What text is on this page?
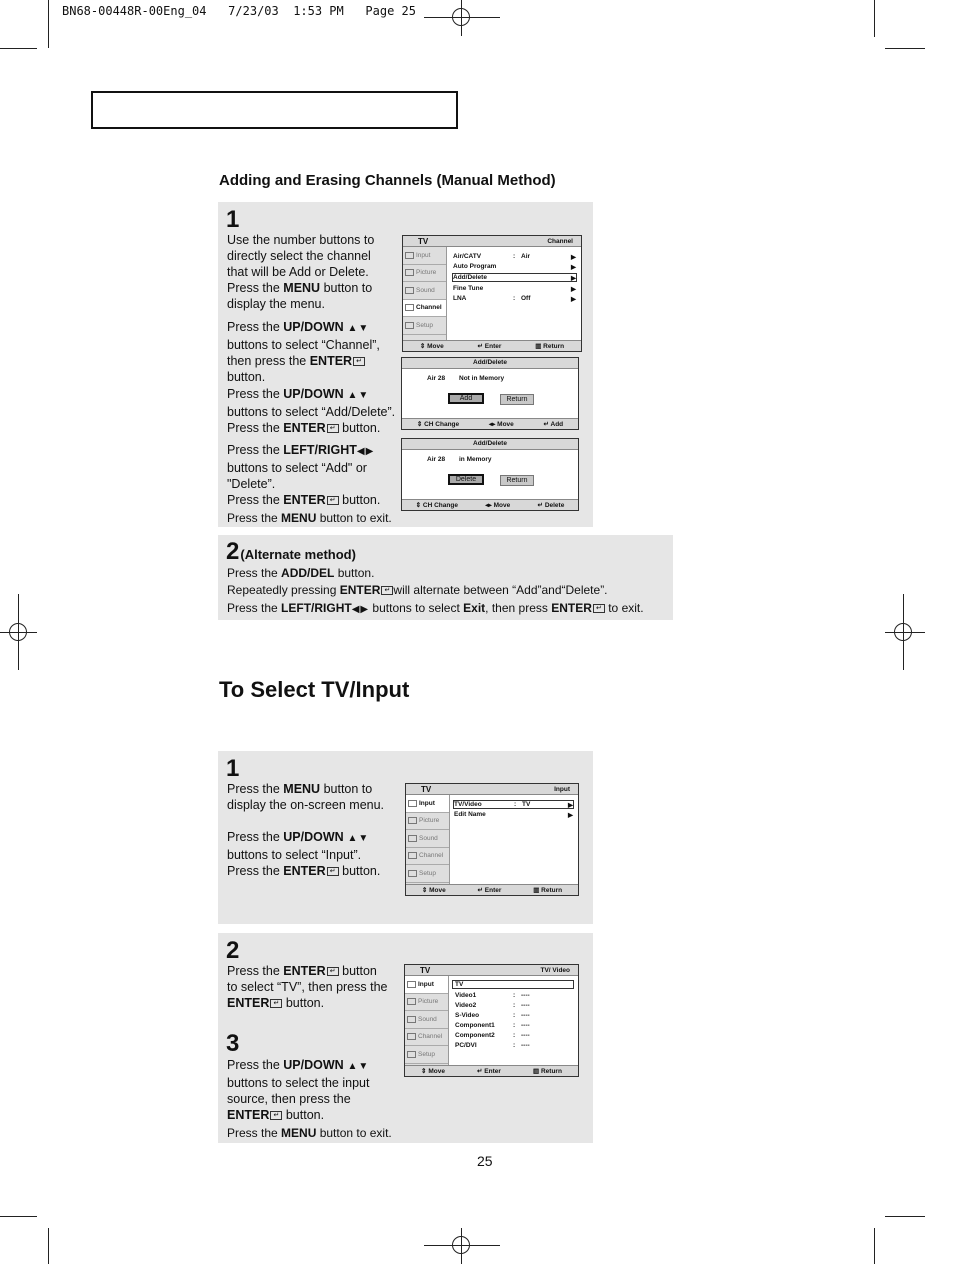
BN68-00448R-00Eng_04   7/23/03  1:53 PM   Page 25
Adding and Erasing Channels (Manual Method)
1
Use the number buttons to
directly select the channel
that will be Add or Delete.
Press the MENU button to
display the menu.
Press the UP/DOWN ▲▼
buttons to select “Channel”,
then press the ENTER ↵
button.
Press the UP/DOWN ▲▼
buttons to select “Add/Delete”.
Press the ENTER ↵ button.
Press the LEFT/RIGHT◀▶
buttons to select “Add" or
"Delete”.
Press the ENTER ↵ button.
Press the MENU button to exit.
TV	Channel
Input
Picture
Sound
Channel
Setup
Air/CATV	: Air	▶
Auto Program	▶
Add/Delete	▶
Fine Tune	▶
LNA	: Off	▶
⇕ Move	↵ Enter	▥ Return
Add/Delete
Air 28 Not in Memory
Add	Return
⇕ CH Change	◂▸ Move	↵ Add
Add/Delete
Air 28 in Memory
Delete	Return
⇕ CH Change	◂▸ Move	↵ Delete
2 (Alternate method)
Press the ADD/DEL button.
Repeatedly pressing ENTER ↵ will alternate between “Add”and“Delete”.
Press the LEFT/RIGHT◀▶ buttons to select Exit, then press ENTER ↵ to exit.
To Select TV/Input
1
Press the MENU button to
display the on-screen menu.
Press the UP/DOWN ▲▼
buttons to select “Input”.
Press the ENTER ↵ button.
TV	Input
Input
Picture
Sound
Channel
Setup
TV/Video	: TV	▶
Edit Name	▶
⇕ Move	↵ Enter	▥ Return
2
Press the ENTER ↵ button
to select “TV”, then press the
ENTER ↵ button.
3
Press the UP/DOWN ▲▼
buttons to select the input
source, then press the
ENTER ↵ button.
Press the MENU button to exit.
TV	TV/ Video
Input
Picture
Sound
Channel
Setup
TV
Video1	: ----
Video2	: ----
S-Video	: ----
Component1	: ----
Component2	: ----
PC/DVI	: ----
⇕ Move	↵ Enter	▥ Return
25
